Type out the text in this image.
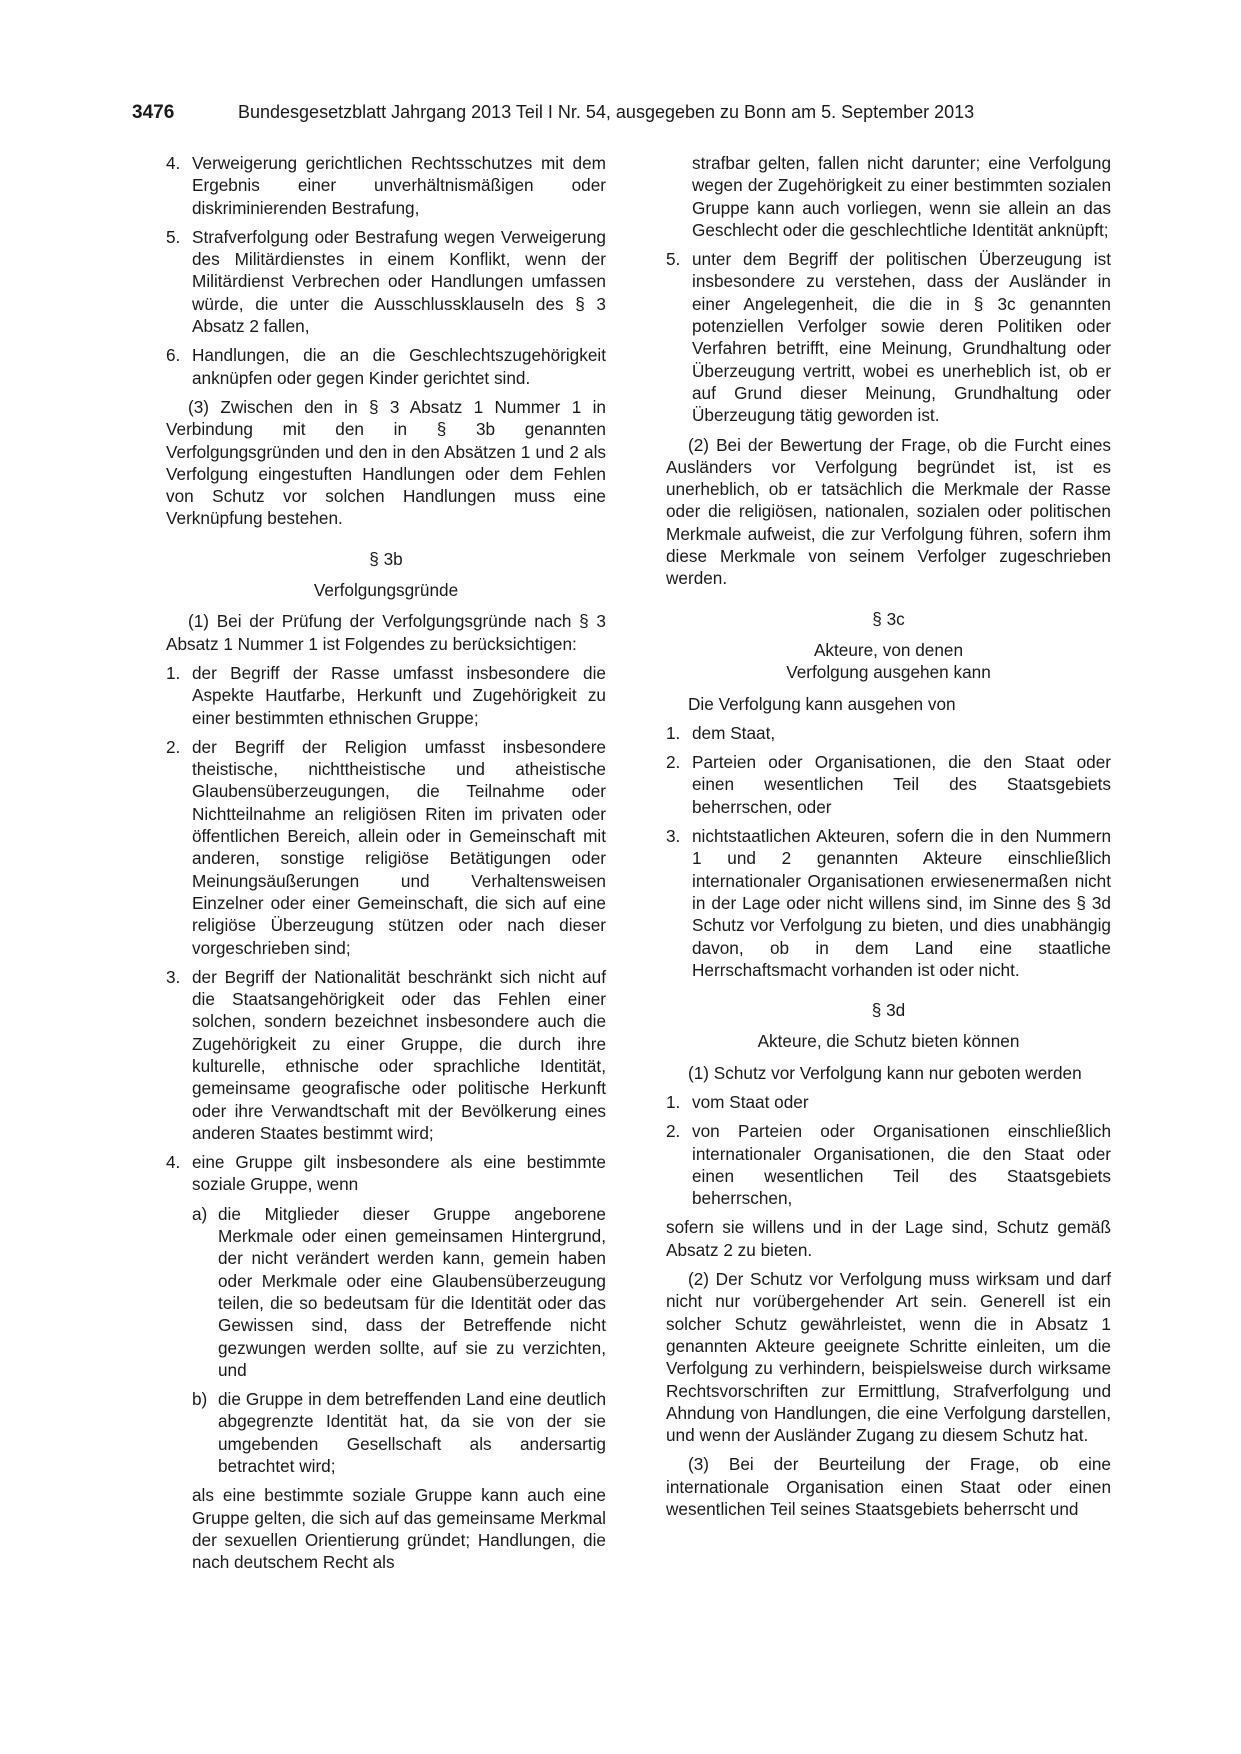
3476	Bundesgesetzblatt Jahrgang 2013 Teil I Nr. 54, ausgegeben zu Bonn am 5. September 2013
4. Verweigerung gerichtlichen Rechtsschutzes mit dem Ergebnis einer unverhältnismäßigen oder diskriminierenden Bestrafung,
5. Strafverfolgung oder Bestrafung wegen Verweigerung des Militärdienstes in einem Konflikt, wenn der Militärdienst Verbrechen oder Handlungen umfassen würde, die unter die Ausschlussklauseln des § 3 Absatz 2 fallen,
6. Handlungen, die an die Geschlechtszugehörigkeit anknüpfen oder gegen Kinder gerichtet sind.

(3) Zwischen den in § 3 Absatz 1 Nummer 1 in Verbindung mit den in § 3b genannten Verfolgungsgründen und den in den Absätzen 1 und 2 als Verfolgung eingestuften Handlungen oder dem Fehlen von Schutz vor solchen Handlungen muss eine Verknüpfung bestehen.

§ 3b

Verfolgungsgründe

(1) Bei der Prüfung der Verfolgungsgründe nach § 3 Absatz 1 Nummer 1 ist Folgendes zu berücksichtigen:

1. der Begriff der Rasse umfasst insbesondere die Aspekte Hautfarbe, Herkunft und Zugehörigkeit zu einer bestimmten ethnischen Gruppe;
2. der Begriff der Religion umfasst insbesondere theistische, nichttheistische und atheistische Glaubensüberzeugungen, die Teilnahme oder Nichtteilnahme an religiösen Riten im privaten oder öffentlichen Bereich, allein oder in Gemeinschaft mit anderen, sonstige religiöse Betätigungen oder Meinungsäußerungen und Verhaltensweisen Einzelner oder einer Gemeinschaft, die sich auf eine religiöse Überzeugung stützen oder nach dieser vorgeschrieben sind;
3. der Begriff der Nationalität beschränkt sich nicht auf die Staatsangehörigkeit oder das Fehlen einer solchen, sondern bezeichnet insbesondere auch die Zugehörigkeit zu einer Gruppe, die durch ihre kulturelle, ethnische oder sprachliche Identität, gemeinsame geografische oder politische Herkunft oder ihre Verwandtschaft mit der Bevölkerung eines anderen Staates bestimmt wird;
4. eine Gruppe gilt insbesondere als eine bestimmte soziale Gruppe, wenn
a) die Mitglieder dieser Gruppe angeborene Merkmale oder einen gemeinsamen Hintergrund, der nicht verändert werden kann, gemein haben oder Merkmale oder eine Glaubensüberzeugung teilen, die so bedeutsam für die Identität oder das Gewissen sind, dass der Betreffende nicht gezwungen werden sollte, auf sie zu verzichten, und
b) die Gruppe in dem betreffenden Land eine deutlich abgegrenzte Identität hat, da sie von der sie umgebenden Gesellschaft als andersartig betrachtet wird;

als eine bestimmte soziale Gruppe kann auch eine Gruppe gelten, die sich auf das gemeinsame Merkmal der sexuellen Orientierung gründet; Handlungen, die nach deutschem Recht als

strafbar gelten, fallen nicht darunter; eine Verfolgung wegen der Zugehörigkeit zu einer bestimmten sozialen Gruppe kann auch vorliegen, wenn sie allein an das Geschlecht oder die geschlechtliche Identität anknüpft;
5. unter dem Begriff der politischen Überzeugung ist insbesondere zu verstehen, dass der Ausländer in einer Angelegenheit, die die in § 3c genannten potenziellen Verfolger sowie deren Politiken oder Verfahren betrifft, eine Meinung, Grundhaltung oder Überzeugung vertritt, wobei es unerheblich ist, ob er auf Grund dieser Meinung, Grundhaltung oder Überzeugung tätig geworden ist.

(2) Bei der Bewertung der Frage, ob die Furcht eines Ausländers vor Verfolgung begründet ist, ist es unerheblich, ob er tatsächlich die Merkmale der Rasse oder die religiösen, nationalen, sozialen oder politischen Merkmale aufweist, die zur Verfolgung führen, sofern ihm diese Merkmale von seinem Verfolger zugeschrieben werden.

§ 3c

Akteure, von denen

Verfolgung ausgehen kann

Die Verfolgung kann ausgehen von

1. dem Staat,
2. Parteien oder Organisationen, die den Staat oder einen wesentlichen Teil des Staatsgebiets beherrschen, oder
3. nichtstaatlichen Akteuren, sofern die in den Nummern 1 und 2 genannten Akteure einschließlich internationaler Organisationen erwiesenermaßen nicht in der Lage oder nicht willens sind, im Sinne des § 3d Schutz vor Verfolgung zu bieten, und dies unabhängig davon, ob in dem Land eine staatliche Herrschaftsmacht vorhanden ist oder nicht.

§ 3d

Akteure, die Schutz bieten können

(1) Schutz vor Verfolgung kann nur geboten werden

1. vom Staat oder
2. von Parteien oder Organisationen einschließlich internationaler Organisationen, die den Staat oder einen wesentlichen Teil des Staatsgebiets beherrschen,

sofern sie willens und in der Lage sind, Schutz gemäß Absatz 2 zu bieten.

(2) Der Schutz vor Verfolgung muss wirksam und darf nicht nur vorübergehender Art sein. Generell ist ein solcher Schutz gewährleistet, wenn die in Absatz 1 genannten Akteure geeignete Schritte einleiten, um die Verfolgung zu verhindern, beispielsweise durch wirksame Rechtsvorschriften zur Ermittlung, Strafverfolgung und Ahndung von Handlungen, die eine Verfolgung darstellen, und wenn der Ausländer Zugang zu diesem Schutz hat.

(3) Bei der Beurteilung der Frage, ob eine internationale Organisation einen Staat oder einen wesentlichen Teil seines Staatsgebiets beherrscht und
